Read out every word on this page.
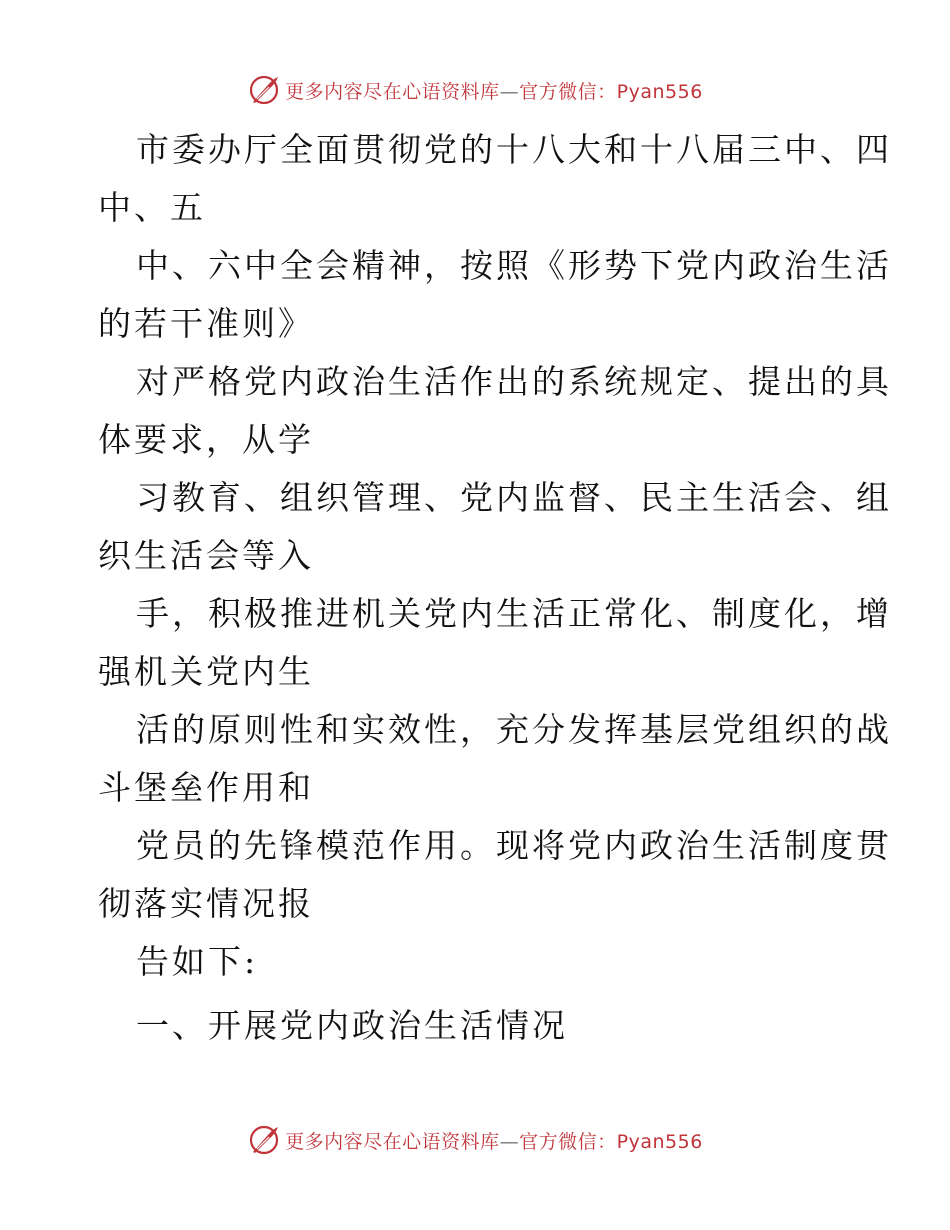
更多内容尽在心语资料库—官方微信：Pyan556
市委办厅全面贯彻党的十八大和十八届三中、四
中、五
中、六中全会精神，按照《形势下党内政治生活
的若干准则》
对严格党内政治生活作出的系统规定、提出的具
体要求，从学
习教育、组织管理、党内监督、民主生活会、组
织生活会等入
手，积极推进机关党内生活正常化、制度化，增
强机关党内生
活的原则性和实效性，充分发挥基层党组织的战
斗堡垒作用和
党员的先锋模范作用。现将党内政治生活制度贯
彻落实情况报
告如下:
一、开展党内政治生活情况
更多内容尽在心语资料库—官方微信：Pyan556
